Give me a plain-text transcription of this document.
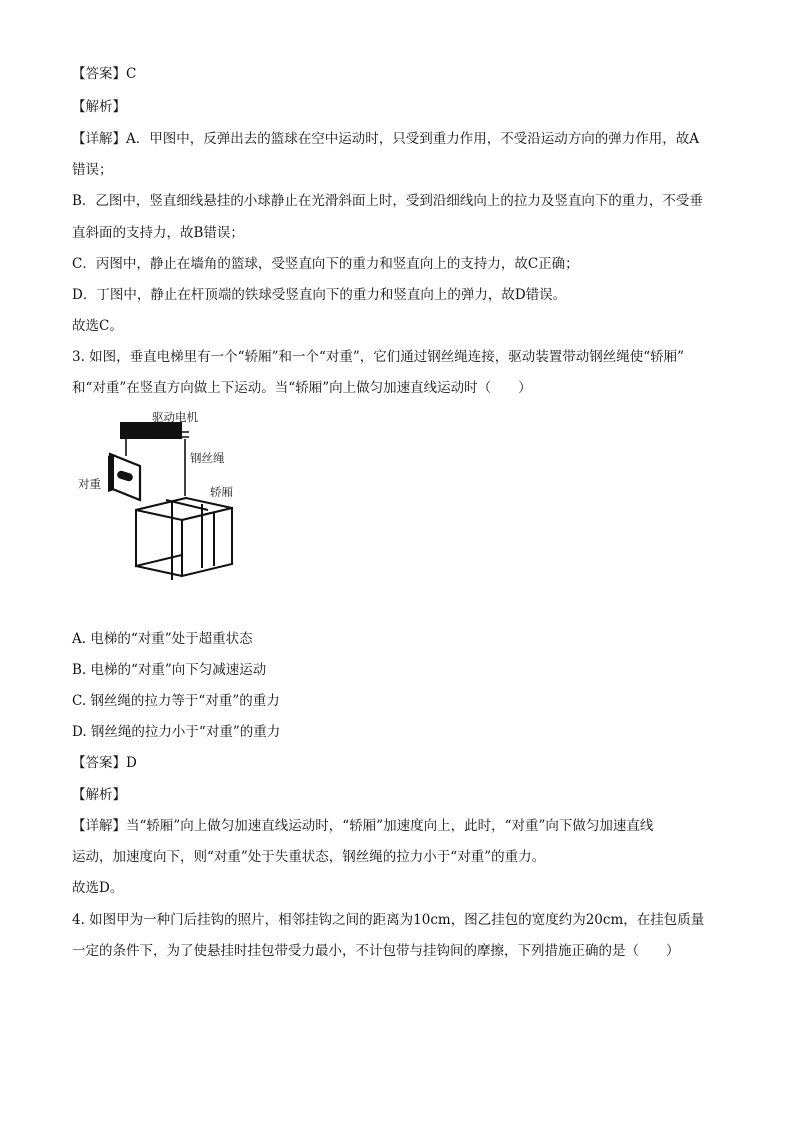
【答案】C
【解析】
【详解】A．甲图中，反弹出去的篮球在空中运动时，只受到重力作用，不受沿运动方向的弹力作用，故A
错误；
B．乙图中，竖直细线悬挂的小球静止在光滑斜面上时，受到沿细线向上的拉力及竖直向下的重力，不受垂
直斜面的支持力，故B错误；
C．丙图中，静止在墙角的篮球，受竖直向下的重力和竖直向上的支持力，故C正确；
D．丁图中，静止在杆顶端的铁球受竖直向下的重力和竖直向上的弹力，故D错误。
故选C。
3. 如图，垂直电梯里有一个“轿厢”和一个“对重”，它们通过钢丝绳连接，驱动装置带动钢丝绳使“轿厢”
和“对重”在竖直方向做上下运动。当“轿厢”向上做匀加速直线运动时（　　）
驱动电机
钢丝绳
对重
轿厢
A. 电梯的“对重”处于超重状态
B. 电梯的“对重”向下匀减速运动
C. 钢丝绳的拉力等于“对重”的重力
D. 钢丝绳的拉力小于“对重”的重力
【答案】D
【解析】
【详解】当“轿厢”向上做匀加速直线运动时，“轿厢”加速度向上，此时，“对重”向下做匀加速直线
运动，加速度向下，则“对重”处于失重状态，钢丝绳的拉力小于“对重”的重力。
故选D。
4. 如图甲为一种门后挂钩的照片，相邻挂钩之间的距离为10cm，图乙挂包的宽度约为20cm，在挂包质量
一定的条件下，为了使悬挂时挂包带受力最小，不计包带与挂钩间的摩擦，下列措施正确的是（　　）
